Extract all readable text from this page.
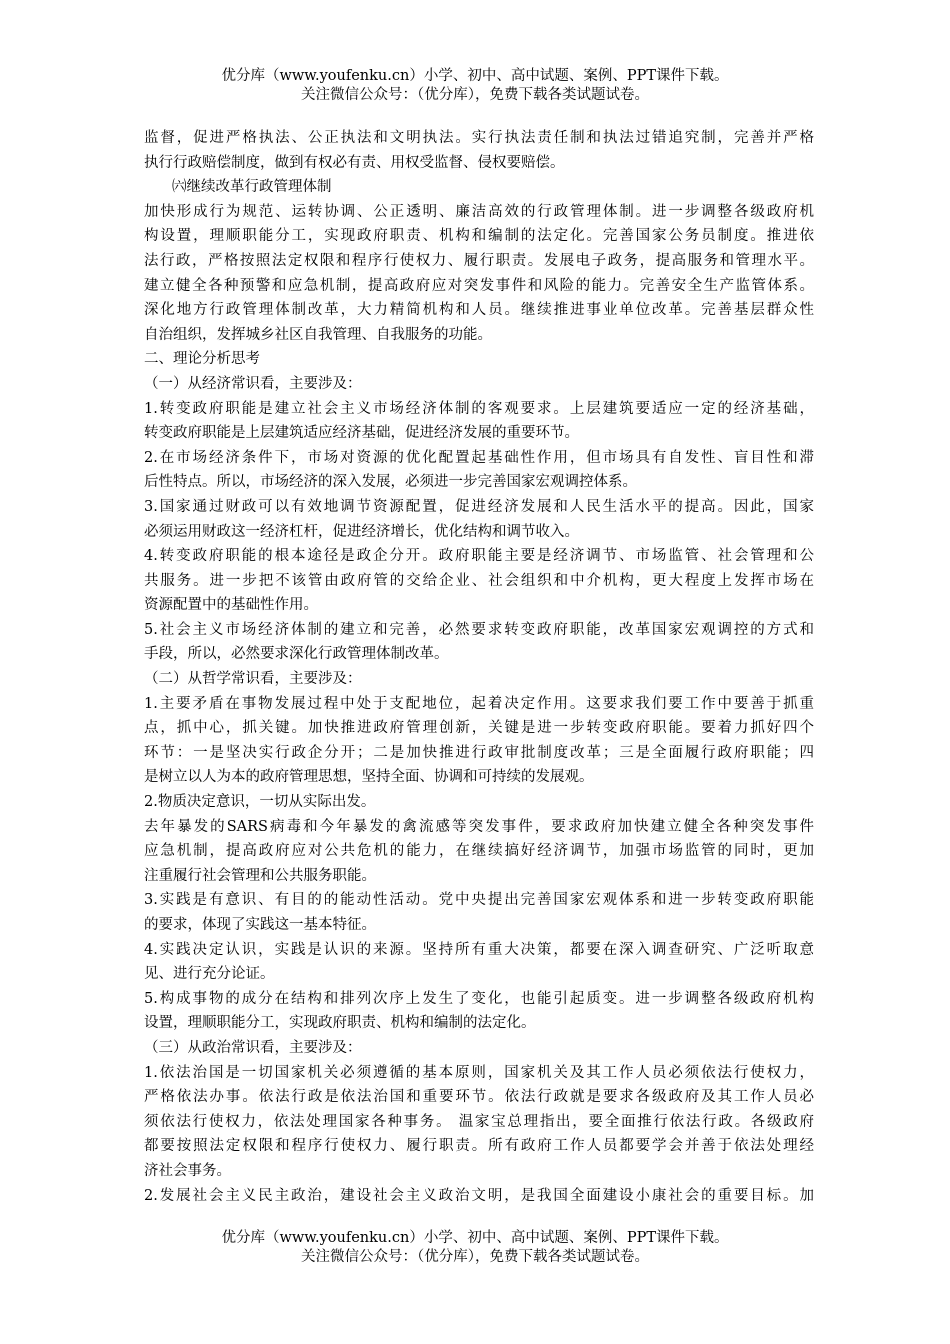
优分库（www.youfenku.cn）小学、初中、高中试题、案例、PPT课件下载。
关注微信公众号：（优分库），免费下载各类试题试卷。
监督，促进严格执法、公正执法和文明执法。实行执法责任制和执法过错追究制，完善并严格
执行行政赔偿制度，做到有权必有责、用权受监督、侵权要赔偿。
㈥继续改革行政管理体制
加快形成行为规范、运转协调、公正透明、廉洁高效的行政管理体制。进一步调整各级政府机
构设置，理顺职能分工，实现政府职责、机构和编制的法定化。完善国家公务员制度。推进依
法行政，严格按照法定权限和程序行使权力、履行职责。发展电子政务，提高服务和管理水平。
建立健全各种预警和应急机制，提高政府应对突发事件和风险的能力。完善安全生产监管体系。
深化地方行政管理体制改革，大力精简机构和人员。继续推进事业单位改革。完善基层群众性
自治组织，发挥城乡社区自我管理、自我服务的功能。
二、理论分析思考
（一）从经济常识看，主要涉及：
1.转变政府职能是建立社会主义市场经济体制的客观要求。上层建筑要适应一定的经济基础，
转变政府职能是上层建筑适应经济基础，促进经济发展的重要环节。
2.在市场经济条件下，市场对资源的优化配置起基础性作用，但市场具有自发性、盲目性和滞
后性特点。所以，市场经济的深入发展，必须进一步完善国家宏观调控体系。
3.国家通过财政可以有效地调节资源配置，促进经济发展和人民生活水平的提高。因此，国家
必须运用财政这一经济杠杆，促进经济增长，优化结构和调节收入。
4.转变政府职能的根本途径是政企分开。政府职能主要是经济调节、市场监管、社会管理和公
共服务。进一步把不该管由政府管的交给企业、社会组织和中介机构，更大程度上发挥市场在
资源配置中的基础性作用。
5.社会主义市场经济体制的建立和完善，必然要求转变政府职能，改革国家宏观调控的方式和
手段，所以，必然要求深化行政管理体制改革。
（二）从哲学常识看，主要涉及：
1.主要矛盾在事物发展过程中处于支配地位，起着决定作用。这要求我们要工作中要善于抓重
点，抓中心，抓关键。加快推进政府管理创新，关键是进一步转变政府职能。要着力抓好四个
环节：一是坚决实行政企分开；二是加快推进行政审批制度改革；三是全面履行政府职能；四
是树立以人为本的政府管理思想，坚持全面、协调和可持续的发展观。
2.物质决定意识，一切从实际出发。
去年暴发的SARS病毒和今年暴发的禽流感等突发事件，要求政府加快建立健全各种突发事件
应急机制，提高政府应对公共危机的能力，在继续搞好经济调节，加强市场监管的同时，更加
注重履行社会管理和公共服务职能。
3.实践是有意识、有目的的能动性活动。党中央提出完善国家宏观体系和进一步转变政府职能
的要求，体现了实践这一基本特征。
4.实践决定认识，实践是认识的来源。坚持所有重大决策，都要在深入调查研究、广泛听取意
见、进行充分论证。
5.构成事物的成分在结构和排列次序上发生了变化，也能引起质变。进一步调整各级政府机构
设置，理顺职能分工，实现政府职责、机构和编制的法定化。
（三）从政治常识看，主要涉及：
1.依法治国是一切国家机关必须遵循的基本原则，国家机关及其工作人员必须依法行使权力，
严格依法办事。依法行政是依法治国和重要环节。依法行政就是要求各级政府及其工作人员必
须依法行使权力，依法处理国家各种事务。 温家宝总理指出，要全面推行依法行政。各级政府
都要按照法定权限和程序行使权力、履行职责。所有政府工作人员都要学会并善于依法处理经
济社会事务。
2.发展社会主义民主政治，建设社会主义政治文明，是我国全面建设小康社会的重要目标。加
优分库（www.youfenku.cn）小学、初中、高中试题、案例、PPT课件下载。
关注微信公众号：（优分库），免费下载各类试题试卷。
